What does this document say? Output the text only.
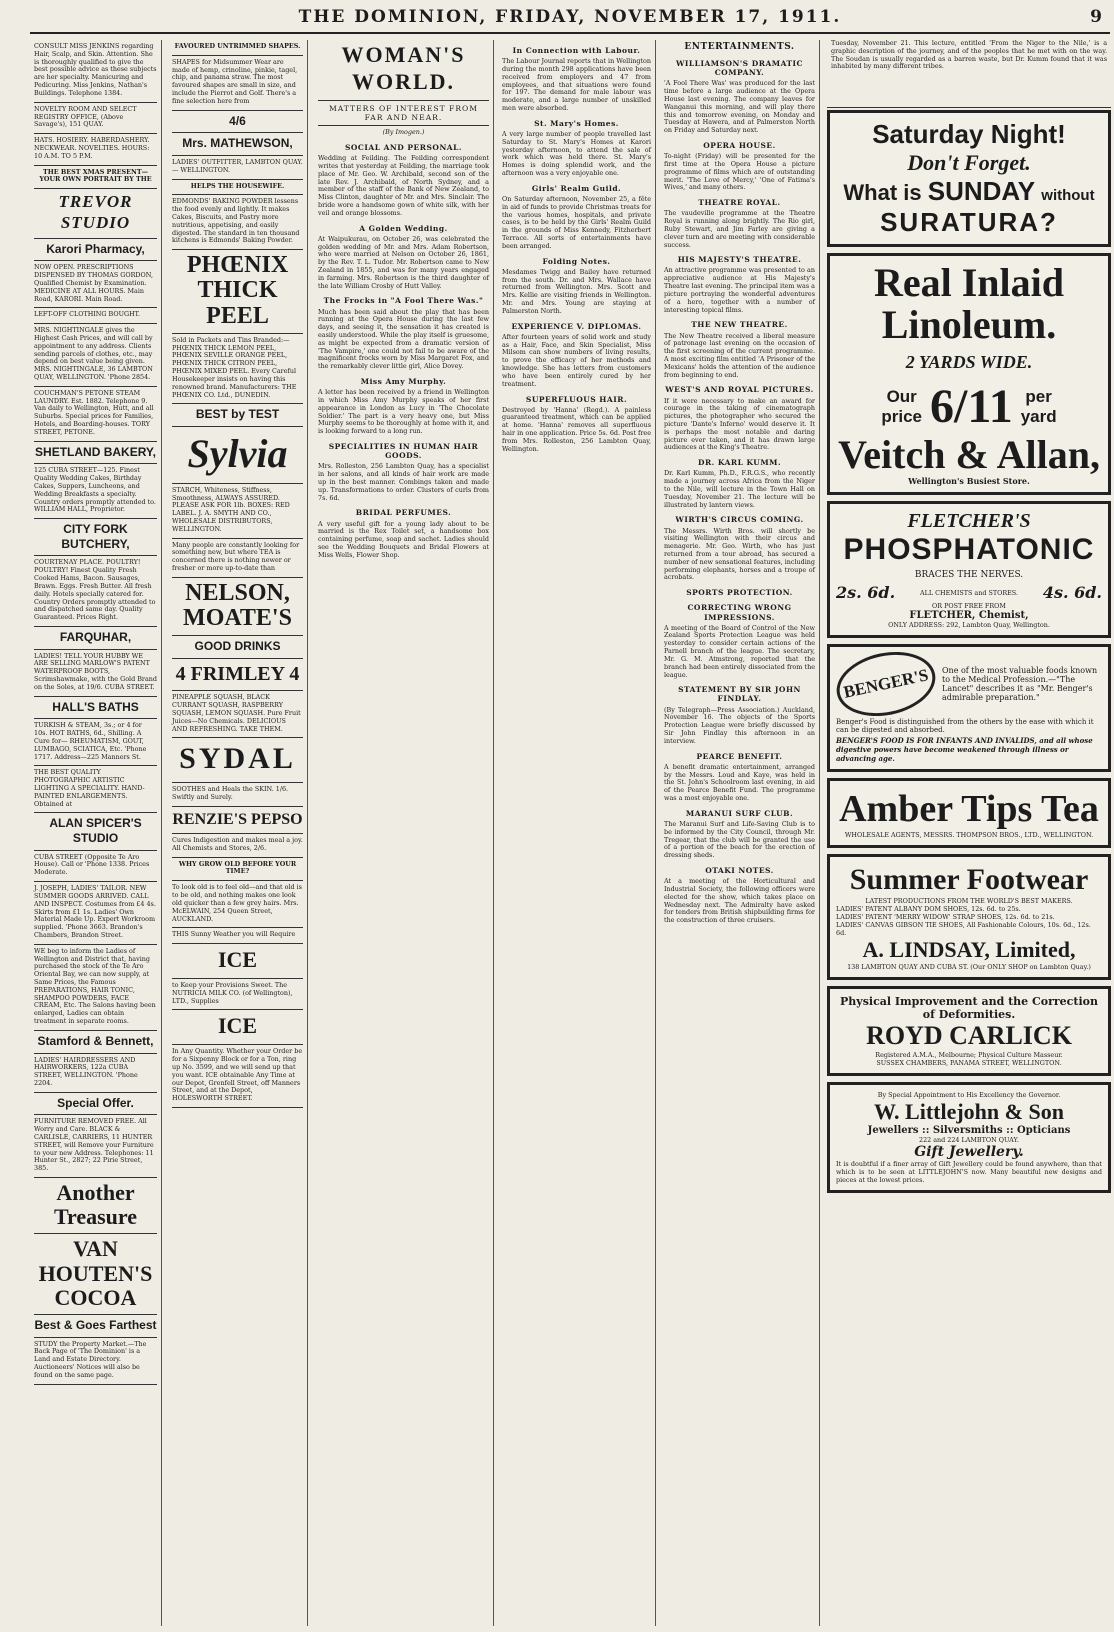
THE DOMINION, FRIDAY, NOVEMBER 17, 1911.	9
CONSULT MISS JENKINS regarding Hair, Scalp, and Skin. Attention. She is thoroughly qualified to give the best possible advice as these subjects are her specialty. Manicuring and Pedicuring. Miss Jenkins, Nathan's Buildings. Telephone 1384.
NOVELTY ROOM AND SELECT REGISTRY OFFICE, (Above Savage's), 151 QUAY.
HATS. HOSIERY. HABERDASHERY. NECKWEAR. NOVELTIES. HOURS: 10 A.M. TO 5 P.M.
THE BEST XMAS PRESENT— YOUR OWN PORTRAIT BY THE
TREVOR STUDIO
Karori Pharmacy,
NOW OPEN. PRESCRIPTIONS DISPENSED BY THOMAS GORDON, Qualified Chemist by Examination. MEDICINE AT ALL HOURS. Main Road, KARORI. Main Road.
LEFT-OFF CLOTHING BOUGHT.
MRS. NIGHTINGALE gives the Highest Cash Prices, and will call by appointment to any address. Clients sending parcels of clothes, etc., may depend on best value being given. MRS. NIGHTINGALE, 36 LAMBTON QUAY, WELLINGTON. 'Phone 2854.
COUCHMAN'S PETONE STEAM LAUNDRY. Est. 1882. Telephone 9. Van daily to Wellington, Hutt, and all Suburbs. Special prices for Families, Hotels, and Boarding-houses. TORY STREET, PETONE.
SHETLAND BAKERY,
125 CUBA STREET—125. Finest Quality Wedding Cakes, Birthday Cakes, Suppers, Luncheons, and Wedding Breakfasts a specialty. Country orders promptly attended to. WILLIAM HALL, Proprietor.
CITY FORK BUTCHERY,
COURTENAY PLACE. POULTRY! POULTRY! Finest Quality Fresh Cooked Hams, Bacon. Sausages, Brawn. Eggs. Fresh Butter. All fresh daily. Hotels specially catered for. Country Orders promptly attended to and dispatched same day. Quality Guaranteed. Prices Right.
FARQUHAR,
LADIES! TELL YOUR HUBBY WE ARE SELLING MARLOW'S PATENT WATERPROOF BOOTS, Scrimshawmake, with the Gold Brand on the Soles, at 19/6. CUBA STREET.
HALL'S BATHS
TURKISH & STEAM, 3s.; or 4 for 10s. HOT BATHS, 6d., Shilling. A Cure for— RHEUMATISM, GOUT, LUMBAGO, SCIATICA, Etc. 'Phone 1717. Address—225 Manners St.
THE BEST QUALITY PHOTOGRAPHIC ARTISTIC LIGHTING A SPECIALITY. HAND-PAINTED ENLARGEMENTS. Obtained at
ALAN SPICER'S STUDIO
CUBA STREET (Opposite Te Aro House). Call or 'Phone 1338. Prices Moderate.
J. JOSEPH, LADIES' TAILOR. NEW SUMMER GOODS ARRIVED. CALL AND INSPECT. Costumes from £4 4s. Skirts from £1 1s. Ladies' Own Material Made Up. Expert Workroom supplied. 'Phone 3663. Brandon's Chambers, Brandon Street.
WE beg to inform the Ladies of Wellington and District that, having purchased the stock of the Te Aro Oriental Bay, we can now supply, at Same Prices, the Famous PREPARATIONS, HAIR TONIC, SHAMPOO POWDERS, FACE CREAM, Etc. The Salons having been enlarged, Ladies can obtain treatment in separate rooms.
Stamford & Bennett,
LADIES' HAIRDRESSERS AND HAIRWORKERS, 122a CUBA STREET, WELLINGTON. 'Phone 2204.
Special Offer.
FURNITURE REMOVED FREE. All Worry and Care. BLACK & CARLISLE, CARRIERS, 11 HUNTER STREET, will Remove your Furniture to your new Address. Telephones: 11 Hunter St., 2827; 22 Pirie Street, 385.
Another Treasure
VAN HOUTEN'S COCOA
Best & Goes Farthest
STUDY the Property Market.—The Back Page of 'The Dominion' is a Land and Estate Directory. Auctioneers' Notices will also be found on the same page.
FAVOURED UNTRIMMED SHAPES.
SHAPES for Midsummer Wear are made of hemp, crinoline, pinkie, tagel, chip, and panama straw. The most favoured shapes are small in size, and include the Pierrot and Golf. There's a fine selection here from
4/6
Mrs. MATHEWSON,
LADIES' OUTFITTER, LAMBTON QUAY. — WELLINGTON.
HELPS THE HOUSEWIFE.
EDMONDS' BAKING POWDER lessens the food evenly and lightly. It makes Cakes, Biscuits, and Pastry more nutritious, appetising, and easily digested. The standard in ten thousand kitchens is Edmonds' Baking Powder.
PHŒNIX THICK PEEL
Sold in Packets and Tins Branded:— PHŒNIX THICK LEMON PEEL, PHŒNIX SEVILLE ORANGE PEEL, PHŒNIX THICK CITRON PEEL, PHŒNIX MIXED PEEL. Every Careful Housekeeper insists on having this renowned brand. Manufacturers: THE PHŒNIX CO. Ltd., DUNEDIN.
BEST by TEST
Sylvia
STARCH, Whiteness, Stiffness, Smoothness, ALWAYS ASSURED. PLEASE ASK FOR 1lb. BOXES: RED LABEL. J. A. SMYTH AND CO., WHOLESALE DISTRIBUTORS, WELLINGTON.
Many people are constantly looking for something new, but where TEA is concerned there is nothing newer or fresher or more up-to-date than
NELSON, MOATE'S
GOOD DRINKS
4 FRIMLEY 4
PINEAPPLE SQUASH, BLACK CURRANT SQUASH, RASPBERRY SQUASH, LEMON SQUASH. Pure Fruit Juices—No Chemicals. DELICIOUS AND REFRESHING. TAKE THEM.
SYDAL
SOOTHES and Heals the SKIN. 1/6. Swiftly and Surely.
RENZIE'S PEPSO
Cures Indigestion and makes meal a joy. All Chemists and Stores, 2/6.
WHY GROW OLD BEFORE YOUR TIME?
To look old is to feel old—and that old is to be old, and nothing makes one look old quicker than a few grey hairs. Mrs. McELWAIN, 254 Queen Street, AUCKLAND.
THIS Sunny Weather you will Require
ICE
to Keep your Provisions Sweet. The NUTRICIA MILK CO. (of Wellington), LTD., Supplies
ICE
In Any Quantity. Whether your Order be for a Sixpenny Block or for a Ton, ring up No. 3599, and we will send up that you want. ICE obtainable Any Time at our Depot, Grenfell Street, off Manners Street, and at the Depot, HOLESWORTH STREET.
WOMAN'S WORLD.
MATTERS OF INTEREST FROM FAR AND NEAR.
(By Imogen.)
SOCIAL AND PERSONAL.

Wedding at Feilding. The Feilding correspondent writes that yesterday at Feilding, the marriage took place of Mr. Geo. W. Archibald, second son of the late Rev. J. Archibald, of North Sydney, and a member of the staff of the Bank of New Zealand, to Miss Clinton, daughter of Mr. and Mrs. Sinclair. The bride wore a handsome gown of white silk, with her veil and orange blossoms.

A Golden Wedding.

At Waipukurau, on October 26, was celebrated the golden wedding of Mr. and Mrs. Adam Robertson, who were married at Nelson on October 26, 1861, by the Rev. T. L. Tudor. Mr. Robertson came to New Zealand in 1855, and was for many years engaged in farming. Mrs. Robertson is the third daughter of the late William Crosby of Hutt Valley.

The Frocks in "A Fool There Was."

Much has been said about the play that has been running at the Opera House during the last few days, and seeing it, the sensation it has created is easily understood. While the play itself is gruesome, as might be expected from a dramatic version of 'The Vampire,' one could not fail to be aware of the magnificent frocks worn by Miss Margaret Fox, and the remarkably clever little girl, Alice Dovey.

Miss Amy Murphy.

A letter has been received by a friend in Wellington in which Miss Amy Murphy speaks of her first appearance in London as Lucy in 'The Chocolate Soldier.' The part is a very heavy one, but Miss Murphy seems to be thoroughly at home with it, and is looking forward to a long run.

SPECIALITIES IN HUMAN HAIR GOODS.

Mrs. Rolleston, 256 Lambton Quay, has a specialist in her salons, and all kinds of hair work are made up in the best manner. Combings taken and made up. Transformations to order. Clusters of curls from 7s. 6d.

BRIDAL PERFUMES.

A very useful gift for a young lady about to be married is the Rex Toilet set, a handsome box containing perfume, soap and sachet. Ladies should see the Wedding Bouquets and Bridal Flowers at Miss Wells, Flower Shop.

In Connection with Labour.

The Labour Journal reports that in Wellington during the month 298 applications have been received from employers and 47 from employees, and that situations were found for 197. The demand for male labour was moderate, and a large number of unskilled men were absorbed.

St. Mary's Homes.

A very large number of people travelled last Saturday to St. Mary's Homes at Karori yesterday afternoon, to attend the sale of work which was held there. St. Mary's Homes is doing splendid work, and the afternoon was a very enjoyable one.

Girls' Realm Guild.

On Saturday afternoon, November 25, a fête in aid of funds to provide Christmas treats for the various homes, hospitals, and private cases, is to be held by the Girls' Realm Guild in the grounds of Miss Kennedy, Fitzherbert Terrace. All sorts of entertainments have been arranged.

Folding Notes.

Mesdames Twigg and Bailey have returned from the south. Dr. and Mrs. Wallace have returned from Wellington. Mrs. Scott and Mrs. Kellie are visiting friends in Wellington. Mr. and Mrs. Young are staying at Palmerston North.

EXPERIENCE V. DIPLOMAS.

After fourteen years of solid work and study as a Hair, Face, and Skin Specialist, Miss Milsom can show numbers of living results, to prove the efficacy of her methods and knowledge. She has letters from customers who have been entirely cured by her treatment.

SUPERFLUOUS HAIR.

Destroyed by 'Hanna' (Regd.). A painless guaranteed treatment, which can be applied at home. 'Hanna' removes all superfluous hair in one application. Price 5s. 6d. Post free from Mrs. Rolleston, 256 Lambton Quay, Wellington.

ENTERTAINMENTS.
WILLIAMSON'S DRAMATIC COMPANY.

'A Fool There Was' was produced for the last time before a large audience at the Opera House last evening. The company leaves for Wanganui this morning, and will play there this and tomorrow evening, on Monday and Tuesday at Hawera, and at Palmerston North on Friday and Saturday next.

OPERA HOUSE.

To-night (Friday) will be presented for the first time at the Opera House a picture programme of films which are of outstanding merit. 'The Love of Mercy,' 'One of Fatima's Wives,' and many others.

THEATRE ROYAL.

The vaudeville programme at the Theatre Royal is running along brightly. The Rio girl, Ruby Stewart, and Jim Farley are giving a clever turn and are meeting with considerable success.

HIS MAJESTY'S THEATRE.

An attractive programme was presented to an appreciative audience at His Majesty's Theatre last evening. The principal item was a picture portraying the wonderful adventures of a hero, together with a number of interesting topical films.

THE NEW THEATRE.

The New Theatre received a liberal measure of patronage last evening on the occasion of the first screening of the current programme. A most exciting film entitled 'A Prisoner of the Mexicans' holds the attention of the audience from beginning to end.

WEST'S AND ROYAL PICTURES.

If it were necessary to make an award for courage in the taking of cinematograph pictures, the photographer who secured the picture 'Dante's Inferno' would deserve it. It is perhaps the most notable and daring picture ever taken, and it has drawn large audiences at the King's Theatre.

DR. KARL KUMM.

Dr. Karl Kumm, Ph.D., F.R.G.S., who recently made a journey across Africa from the Niger to the Nile, will lecture in the Town Hall on Tuesday, November 21. The lecture will be illustrated by lantern views.

WIRTH'S CIRCUS COMING.

The Messrs. Wirth Bros. will shortly be visiting Wellington with their circus and menagerie. Mr. Geo. Wirth, who has just returned from a tour abroad, has secured a number of new sensational features, including performing elephants, horses and a troupe of acrobats.

SPORTS PROTECTION.
CORRECTING WRONG IMPRESSIONS.

A meeting of the Board of Control of the New Zealand Sports Protection League was held yesterday to consider certain actions of the Parnell branch of the league. The secretary, Mr. G. M. Atmstrong, reported that the branch had been entirely dissociated from the league.

STATEMENT BY SIR JOHN FINDLAY.

(By Telegraph—Press Association.) Auckland, November 16. The objects of the Sports Protection League were briefly discussed by Sir John Findlay this afternoon in an interview.

PEARCE BENEFIT.

A benefit dramatic entertainment, arranged by the Messrs. Loud and Kaye, was held in the St. John's Schoolroom last evening, in aid of the Pearce Benefit Fund. The programme was a most enjoyable one.

MARANUI SURF CLUB.

The Maranui Surf and Life-Saving Club is to be informed by the City Council, through Mr. Tregear, that the club will be granted the use of a portion of the beach for the erection of dressing sheds.

OTAKI NOTES.

At a meeting of the Horticultural and Industrial Society, the following officers were elected for the show, which takes place on Wednesday next. The Admiralty have asked for tenders from British shipbuilding firms for the construction of three cruisers.

Tuesday, November 21. This lecture, entitled 'From the Niger to the Nile,' is a graphic description of the journey, and of the peoples that he met with on the way. The Soudan is usually regarded as a barren waste, but Dr. Kumm found that it was inhabited by many different tribes.

Saturday Night!
Don't Forget.
What is SUNDAY without
SURATURA?
Real Inlaid
Linoleum.
2 YARDS WIDE.
Our
price 6/11 per
yard
Veitch & Allan,
Wellington's Busiest Store.
FLETCHER'S
PHOSPHATONIC
BRACES THE NERVES.
2s. 6d.	ALL CHEMISTS and STORES. 4s. 6d.
OR POST FREE FROM
FLETCHER, Chemist,
ONLY ADDRESS: 292, Lambton Quay, Wellington.
BENGER'S	One of the most valuable foods known to the Medical Profession.—"The Lancet" describes it as "Mr. Benger's admirable preparation."
Benger's Food is distinguished from the others by the ease with which it can be digested and absorbed.
BENGER'S FOOD IS FOR INFANTS AND INVALIDS, and all whose digestive powers have become weakened through illness or advancing age.
Amber Tips Tea
WHOLESALE AGENTS, MESSRS. THOMPSON BROS., LTD., WELLINGTON.
Summer Footwear
LATEST PRODUCTIONS FROM THE WORLD'S BEST MAKERS.
LADIES' PATENT ALBANY DOM SHOES, 12s. 6d. to 25s.
LADIES' PATENT 'MERRY WIDOW' STRAP SHOES, 12s. 6d. to 21s.
LADIES' CANVAS GIBSON TIE SHOES, All Fashionable Colours, 10s. 6d., 12s. 6d.
A. LINDSAY, Limited,
138 LAMBTON QUAY AND CUBA ST. (Our ONLY SHOP on Lambton Quay.)
Physical Improvement and the Correction of Deformities.
ROYD CARLICK
Registered A.M.A., Melbourne; Physical Culture Masseur.
SUSSEX CHAMBERS, PANAMA STREET, WELLINGTON.
By Special Appointment to His Excellency the Governor.
W. Littlejohn & Son
Jewellers :: Silversmiths :: Opticians
222 and 224 LAMBTON QUAY.
Gift Jewellery.
It is doubtful if a finer array of Gift Jewellery could be found anywhere, than that which is to be seen at LITTLEJOHN'S now. Many beautiful new designs and pieces at the lowest prices.
